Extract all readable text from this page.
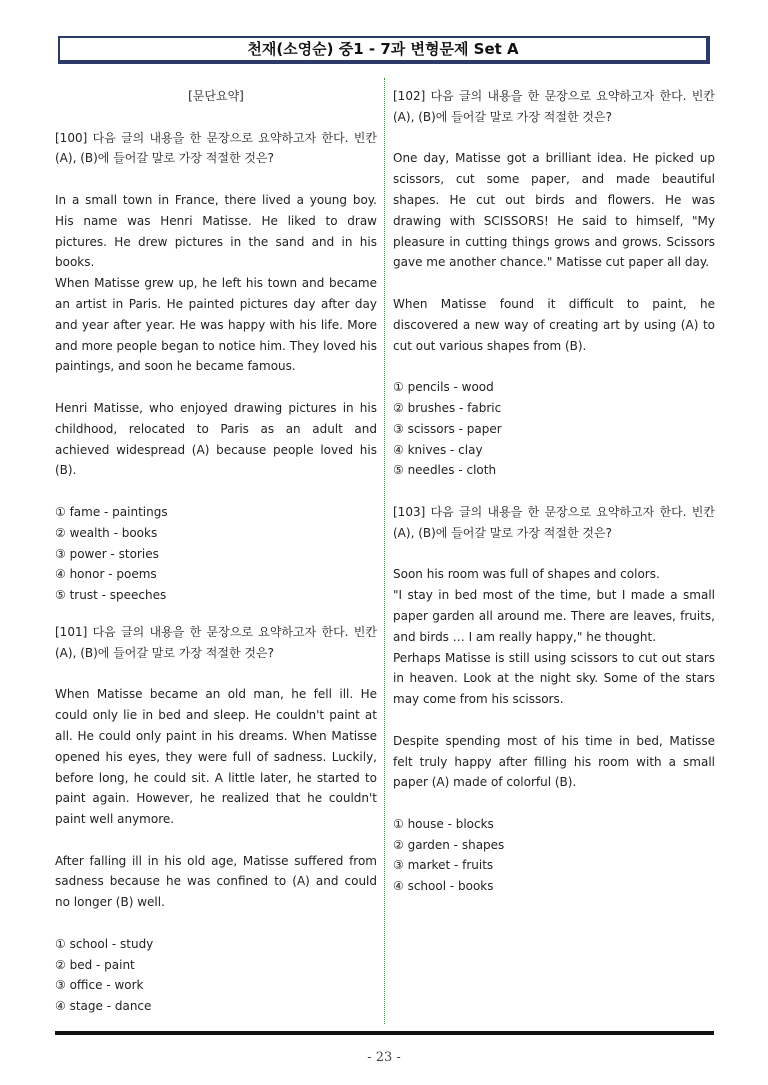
천재(소영순) 중1 - 7과 변형문제 Set A

[문단요약]

[100] 다음 글의 내용을 한 문장으로 요약하고자 한다. 빈칸 (A), (B)에 들어갈 말로 가장 적절한 것은?

In a small town in France, there lived a young boy. His name was Henri Matisse. He liked to draw pictures. He drew pictures in the sand and in his books.

When Matisse grew up, he left his town and became an artist in Paris. He painted pictures day after day and year after year. He was happy with his life. More and more people began to notice him. They loved his paintings, and soon he became famous.

Henri Matisse, who enjoyed drawing pictures in his childhood, relocated to Paris as an adult and achieved widespread (A) because people loved his (B).

① fame - paintings

② wealth - books

③ power - stories

④ honor - poems

⑤ trust - speeches

[101] 다음 글의 내용을 한 문장으로 요약하고자 한다. 빈칸 (A), (B)에 들어갈 말로 가장 적절한 것은?

When Matisse became an old man, he fell ill. He could only lie in bed and sleep. He couldn't paint at all. He could only paint in his dreams. When Matisse opened his eyes, they were full of sadness. Luckily, before long, he could sit. A little later, he started to paint again. However, he realized that he couldn't paint well anymore.

After falling ill in his old age, Matisse suffered from sadness because he was confined to (A) and could no longer (B) well.

① school - study

② bed - paint

③ office - work

④ stage - dance

[102] 다음 글의 내용을 한 문장으로 요약하고자 한다. 빈칸 (A), (B)에 들어갈 말로 가장 적절한 것은?

One day, Matisse got a brilliant idea. He picked up scissors, cut some paper, and made beautiful shapes. He cut out birds and flowers. He was drawing with SCISSORS! He said to himself, "My pleasure in cutting things grows and grows. Scissors gave me another chance." Matisse cut paper all day.

When Matisse found it difficult to paint, he discovered a new way of creating art by using (A) to cut out various shapes from (B).

① pencils - wood

② brushes - fabric

③ scissors - paper

④ knives - clay

⑤ needles - cloth

[103] 다음 글의 내용을 한 문장으로 요약하고자 한다. 빈칸 (A), (B)에 들어갈 말로 가장 적절한 것은?

Soon his room was full of shapes and colors.

"I stay in bed most of the time, but I made a small paper garden all around me. There are leaves, fruits, and birds … I am really happy," he thought.

Perhaps Matisse is still using scissors to cut out stars in heaven. Look at the night sky. Some of the stars may come from his scissors.

Despite spending most of his time in bed, Matisse felt truly happy after filling his room with a small paper (A) made of colorful (B).

① house - blocks

② garden - shapes

③ market - fruits

④ school - books

- 23 -
